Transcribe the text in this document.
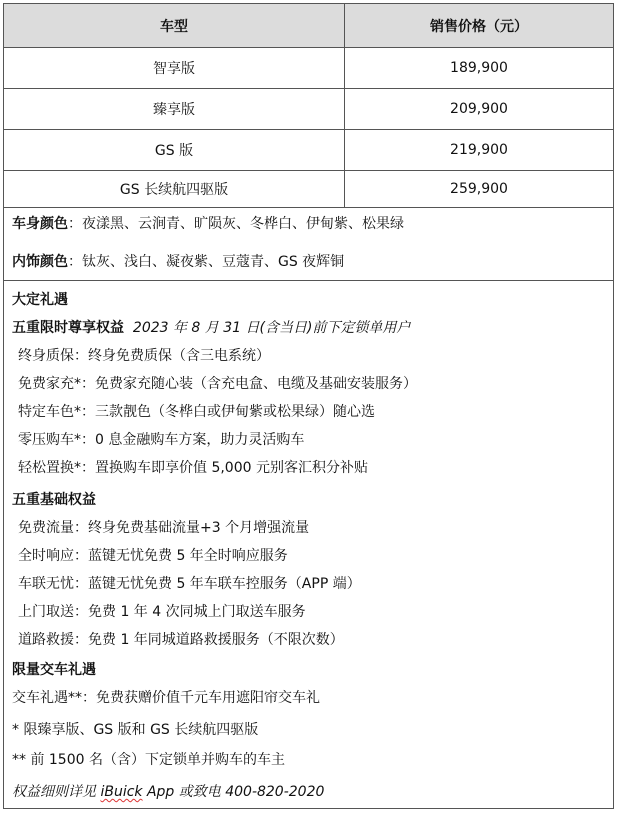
车型	销售价格（元）
智享版	189,900
臻享版	209,900
GS 版	219,900
GS 长续航四驱版	259,900
车身颜色：夜漾黑、云涧青、旷陨灰、冬桦白、伊甸紫、松果绿
内饰颜色：钛灰、浅白、凝夜紫、豆蔻青、GS 夜辉铜
大定礼遇
五重限时尊享权益 2023 年 8 月 31 日(含当日)前下定锁单用户
终身质保：终身免费质保（含三电系统）
免费家充*：免费家充随心装（含充电盒、电缆及基础安装服务）
特定车色*：三款靓色（冬桦白或伊甸紫或松果绿）随心选
零压购车*：0 息金融购车方案，助力灵活购车
轻松置换*：置换购车即享价值 5,000 元别客汇积分补贴
五重基础权益
免费流量：终身免费基础流量+3 个月增强流量
全时响应：蓝键无忧免费 5 年全时响应服务
车联无忧：蓝键无忧免费 5 年车联车控服务（APP 端）
上门取送：免费 1 年 4 次同城上门取送车服务
道路救援：免费 1 年同城道路救援服务（不限次数）
限量交车礼遇
交车礼遇**：免费获赠价值千元车用遮阳帘交车礼
* 限臻享版、GS 版和 GS 长续航四驱版
** 前 1500 名（含）下定锁单并购车的车主
权益细则详见 iBuick App 或致电 400-820-2020
